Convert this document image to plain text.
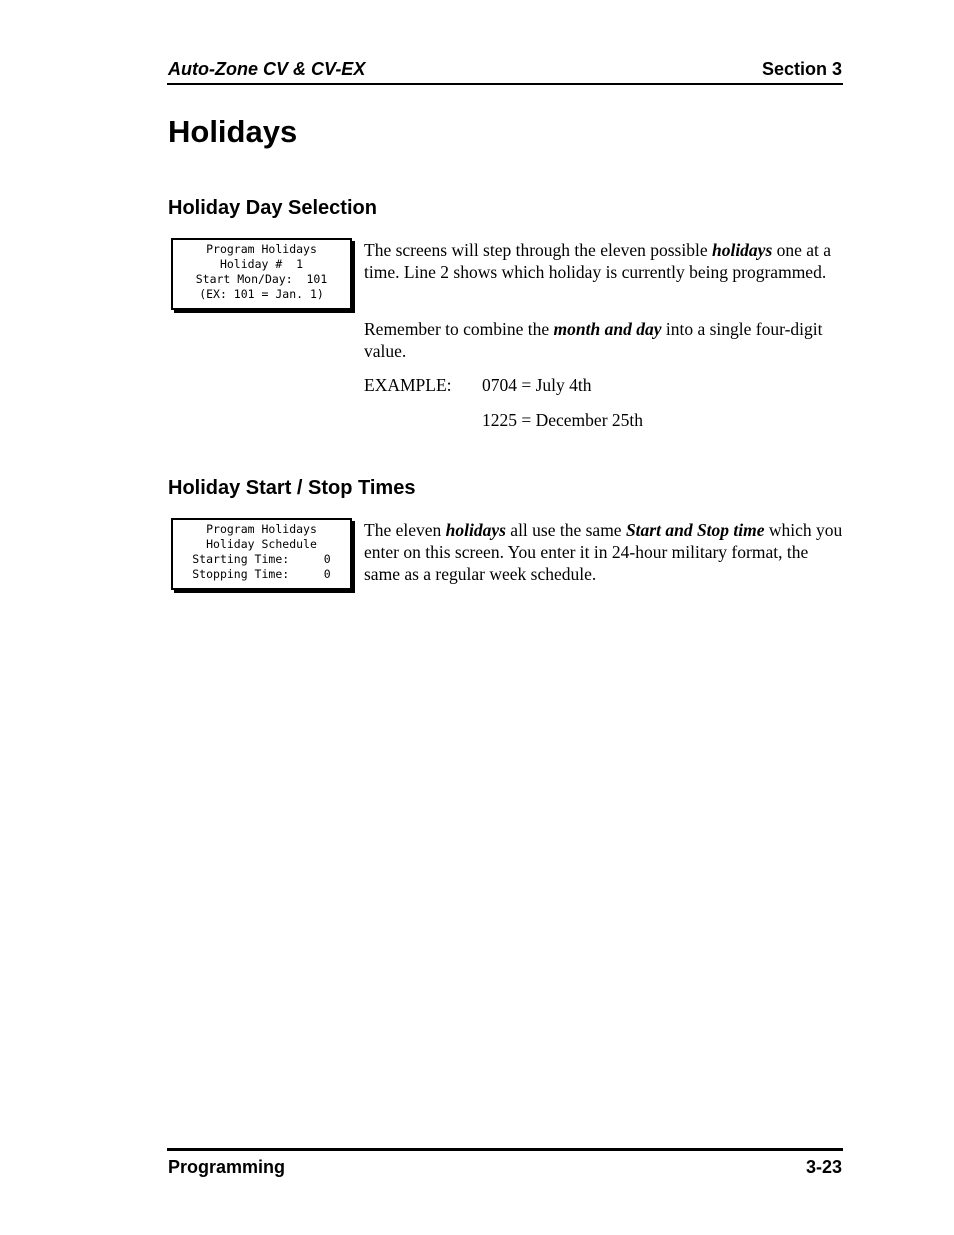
Auto-Zone CV & CV-EX	Section 3
Holidays
Holiday Day Selection
Program Holidays
Holiday #  1
Start Mon/Day:  101
(EX: 101 = Jan. 1)

The screens will step through the eleven possible holidays one at a time. Line 2 shows which holiday is currently being programmed.

Remember to combine the month and day into a single four-digit value.

EXAMPLE: 0704 = July 4th
1225 = December 25th
Holiday Start / Stop Times
Program Holidays
Holiday Schedule
Starting Time:     0
Stopping Time:     0

The eleven holidays all use the same Start and Stop time which you enter on this screen. You enter it in 24-hour military format, the same as a regular week schedule.

Programming	3-23
